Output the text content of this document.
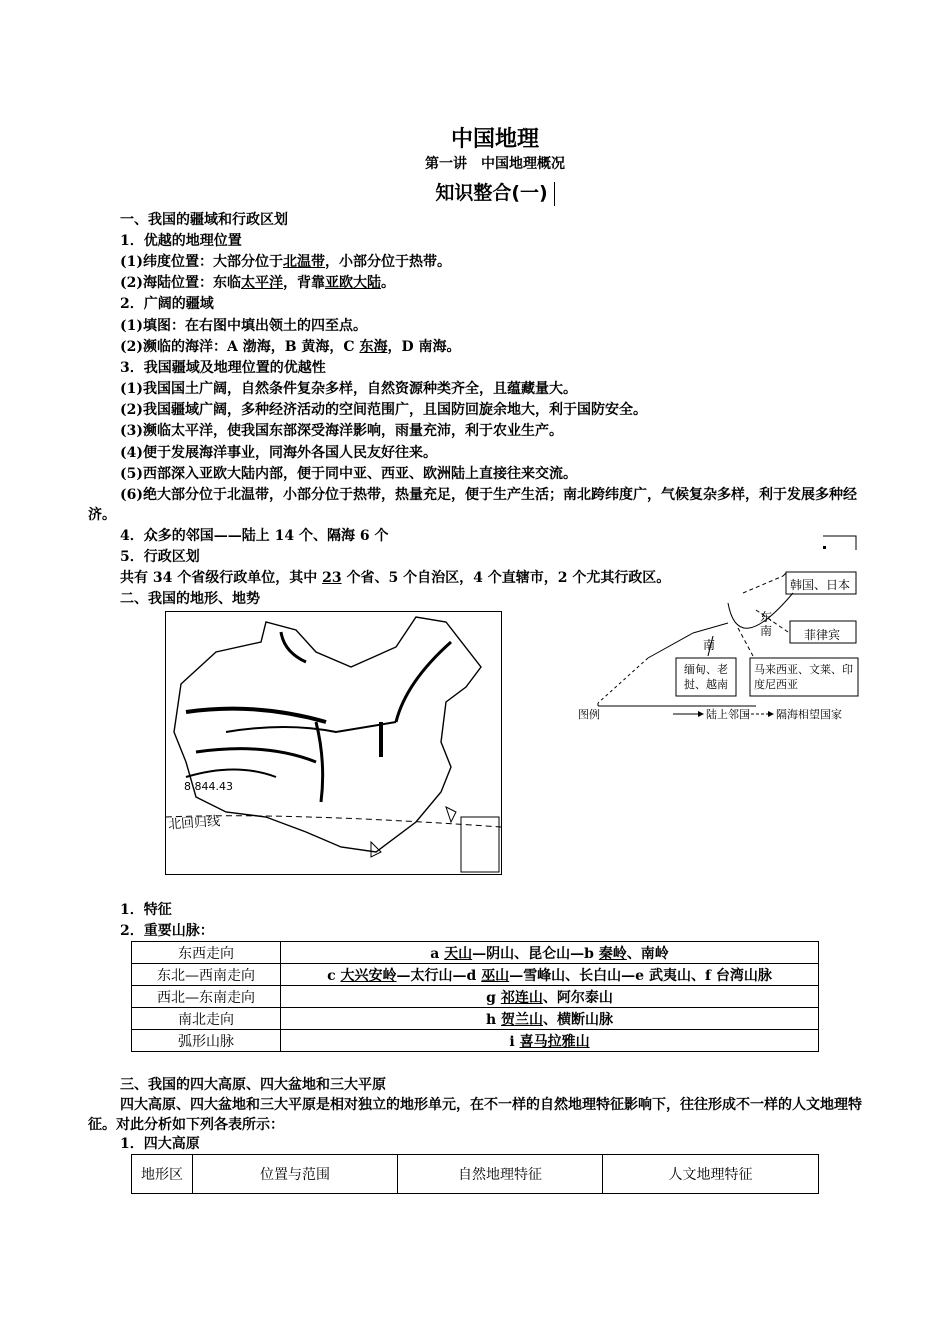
中国地理
第一讲　中国地理概况
知识整合(一)
一、我国的疆域和行政区划
1．优越的地理位置
(1)纬度位置：大部分位于北温带，小部分位于热带。
(2)海陆位置：东临太平洋，背靠亚欧大陆。
2．广阔的疆域
(1)填图：在右图中填出领土的四至点。
(2)濒临的海洋：A 渤海，B 黄海，C 东海，D 南海。
3．我国疆域及地理位置的优越性
(1)我国国土广阔，自然条件复杂多样，自然资源种类齐全，且蕴藏量大。
(2)我国疆域广阔，多种经济活动的空间范围广，且国防回旋余地大，利于国防安全。
(3)濒临太平洋，使我国东部深受海洋影响，雨量充沛，利于农业生产。
(4)便于发展海洋事业，同海外各国人民友好往来。
(5)西部深入亚欧大陆内部，便于同中亚、西亚、欧洲陆上直接往来交流。
(6)绝大部分位于北温带，小部分位于热带，热量充足，便于生产生活；南北跨纬度广，气候复杂多样，利于发展多种经济。
4．众多的邻国——陆上 14 个、隔海 6 个
5．行政区划
共有 34 个省级行政单位，其中 23 个省、5 个自治区，4 个直辖市，2 个尤其行政区。
二、我国的地形、地势
韩国、日本
菲律宾
东南
南
缅甸、老挝、越南
马来西亚、文莱、印度尼西亚
图例	陆上邻国 隔海相望国家
8 844.43
北回归线
1．特征
2．重要山脉：
东西走向	a 天山—阴山、昆仑山—b 秦岭、南岭
东北—西南走向	c 大兴安岭—太行山—d 巫山—雪峰山、长白山—e 武夷山、f 台湾山脉
西北—东南走向	g 祁连山、阿尔泰山
南北走向	h 贺兰山、横断山脉
弧形山脉	i 喜马拉雅山
三、我国的四大高原、四大盆地和三大平原
四大高原、四大盆地和三大平原是相对独立的地形单元，在不一样的自然地理特征影响下，往往形成不一样的人文地理特征。对此分析如下列各表所示：
1．四大高原
地形区	位置与范围	自然地理特征	人文地理特征
